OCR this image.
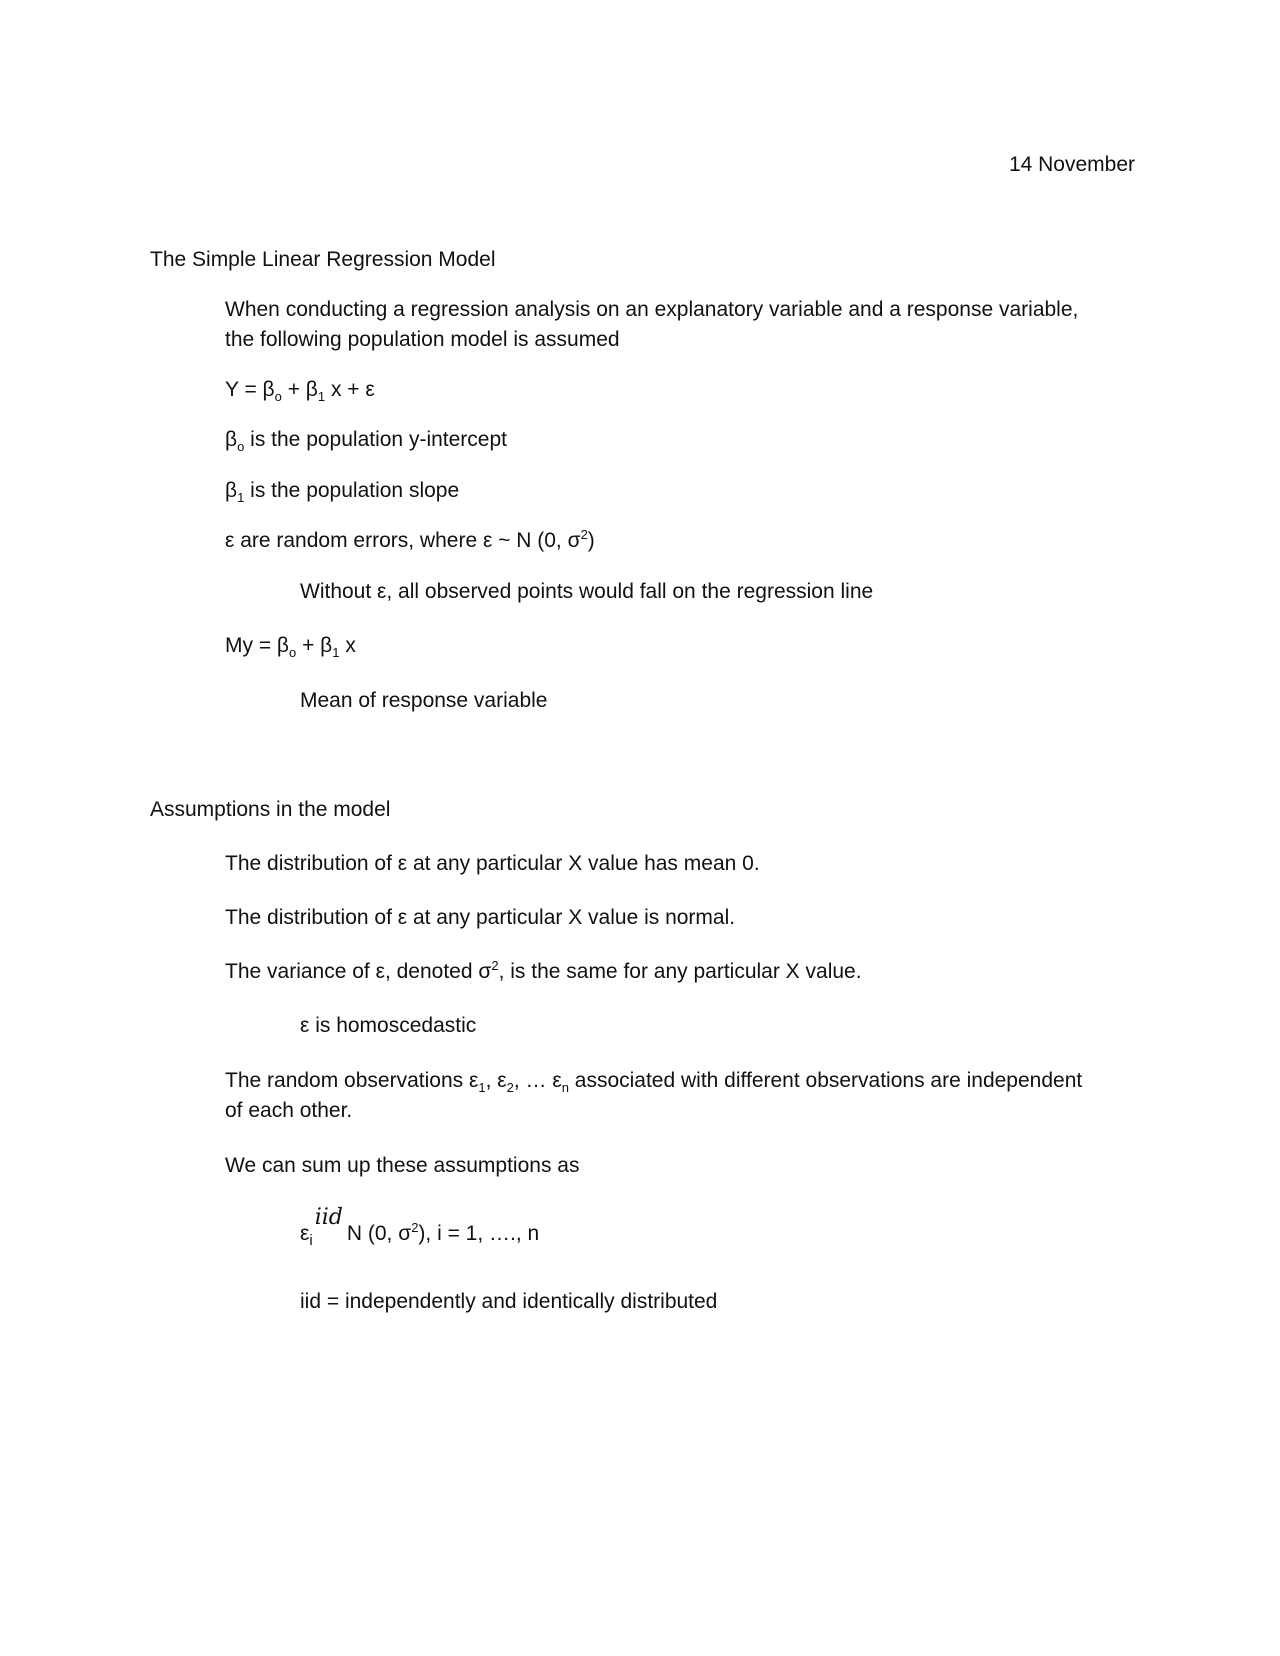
14 November
The Simple Linear Regression Model
When conducting a regression analysis on an explanatory variable and a response variable, the following population model is assumed
$Y = \beta_o + \beta_1$ x + ε
$\beta_o$ is the population y-intercept
$\beta_1$ is the population slope
ε are random errors, where ε ~ N (0, $\sigma^2$)
Without ε, all observed points would fall on the regression line
$My = \beta_o + \beta_1$ x
Mean of response variable
Assumptions in the model
The distribution of ε at any particular X value has mean 0.
The distribution of ε at any particular X value is normal.
The variance of ε, denoted $\sigma^2$, is the same for any particular X value.
ε is homoscedastic
The random observations $\varepsilon_1$, $\varepsilon_2$, … $\varepsilon_n$ associated with different observations are independent of each other.
We can sum up these assumptions as
$\varepsilon_iiidN$ (0, $\sigma^2$), i = 1, …., n
iid = independently and identically distributed
